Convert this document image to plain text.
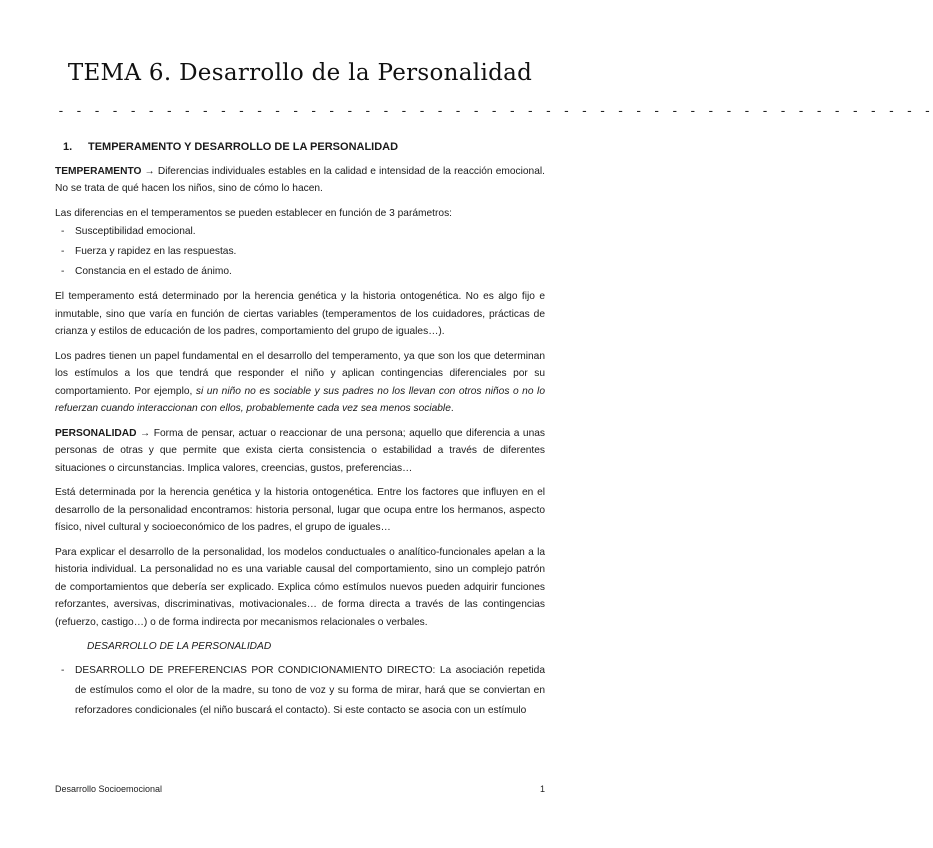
TEMA 6. Desarrollo de la Personalidad
- - - - - - - - - - - - - - - - - - - - - - - - - - - - - - - - - - - - - - - - - - - - - - - - -
1.	TEMPERAMENTO Y DESARROLLO DE LA PERSONALIDAD

TEMPERAMENTO → Diferencias individuales estables en la calidad e intensidad de la reacción emocional. No se trata de qué hacen los niños, sino de cómo lo hacen.

Las diferencias en el temperamentos se pueden establecer en función de 3 parámetros:

- Susceptibilidad emocional.
- Fuerza y rapidez en las respuestas.
- Constancia en el estado de ánimo.

El temperamento está determinado por la herencia genética y la historia ontogenética. No es algo fijo e inmutable, sino que varía en función de ciertas variables (temperamentos de los cuidadores, prácticas de crianza y estilos de educación de los padres, comportamiento del grupo de iguales…).

Los padres tienen un papel fundamental en el desarrollo del temperamento, ya que son los que determinan los estímulos a los que tendrá que responder el niño y aplican contingencias diferenciales por su comportamiento. Por ejemplo, si un niño no es sociable y sus padres no los llevan con otros niños o no lo refuerzan cuando interaccionan con ellos, probablemente cada vez sea menos sociable.

PERSONALIDAD → Forma de pensar, actuar o reaccionar de una persona; aquello que diferencia a unas personas de otras y que permite que exista cierta consistencia o estabilidad a través de diferentes situaciones o circunstancias. Implica valores, creencias, gustos, preferencias…

Está determinada por la herencia genética y la historia ontogenética. Entre los factores que influyen en el desarrollo de la personalidad encontramos: historia personal, lugar que ocupa entre los hermanos, aspecto físico, nivel cultural y socioeconómico de los padres, el grupo de iguales…

Para explicar el desarrollo de la personalidad, los modelos conductuales o analítico-funcionales apelan a la historia individual. La personalidad no es una variable causal del comportamiento, sino un complejo patrón de comportamientos que debería ser explicado. Explica cómo estímulos nuevos pueden adquirir funciones reforzantes, aversivas, discriminativas, motivacionales… de forma directa a través de las contingencias (refuerzo, castigo…) o de forma indirecta por mecanismos relacionales o verbales.

DESARROLLO DE LA PERSONALIDAD
- DESARROLLO DE PREFERENCIAS POR CONDICIONAMIENTO DIRECTO: La asociación repetida de estímulos como el olor de la madre, su tono de voz y su forma de mirar, hará que se conviertan en reforzadores condicionales (el niño buscará el contacto). Si este contacto se asocia con un estímulo
Desarrollo Socioemocional	1
